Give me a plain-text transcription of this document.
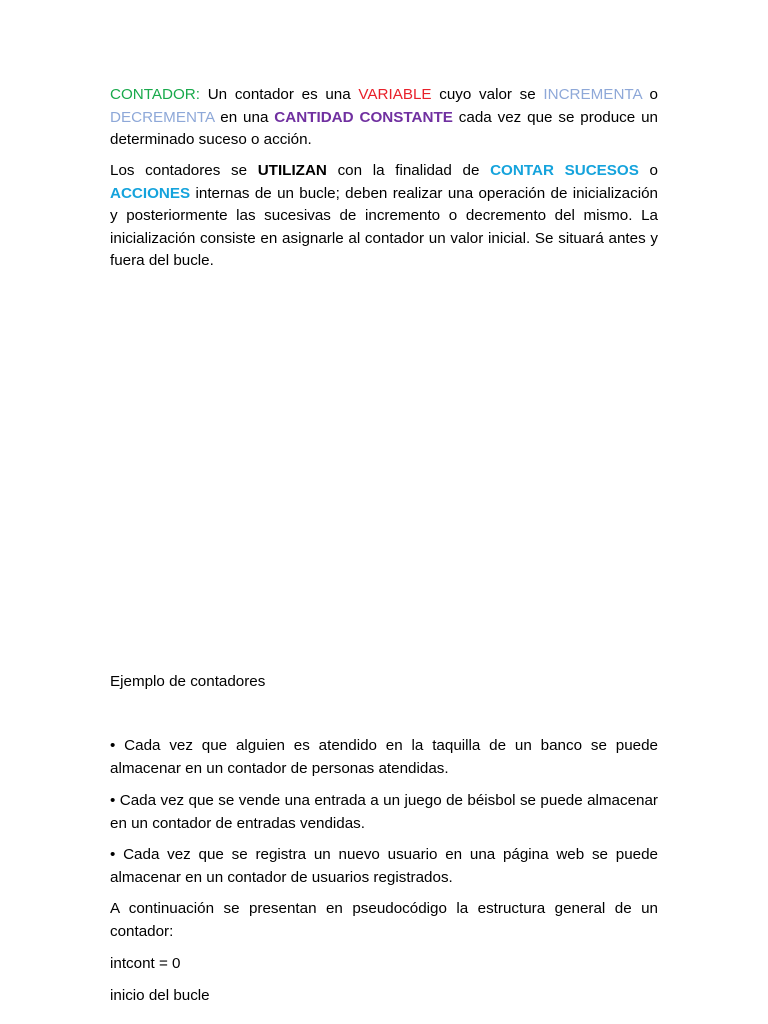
CONTADOR: Un contador es una VARIABLE cuyo valor se INCREMENTA o DECREMENTA en una CANTIDAD CONSTANTE cada vez que se produce un determinado suceso o acción.

Los contadores se UTILIZAN con la finalidad de CONTAR SUCESOS o ACCIONES internas de un bucle; deben realizar una operación de inicialización y posteriormente las sucesivas de incremento o decremento del mismo. La inicialización consiste en asignarle al contador un valor inicial. Se situará antes y fuera del bucle.

Ejemplo de contadores

• Cada vez que alguien es atendido en la taquilla de un banco se puede almacenar en un contador de personas atendidas.

• Cada vez que se vende una entrada a un juego de béisbol se puede almacenar en un contador de entradas vendidas.

• Cada vez que se registra un nuevo usuario en una página web se puede almacenar en un contador de usuarios registrados.

A continuación se presentan en pseudocódigo la estructura general de un contador:

intcont = 0

inicio del bucle
